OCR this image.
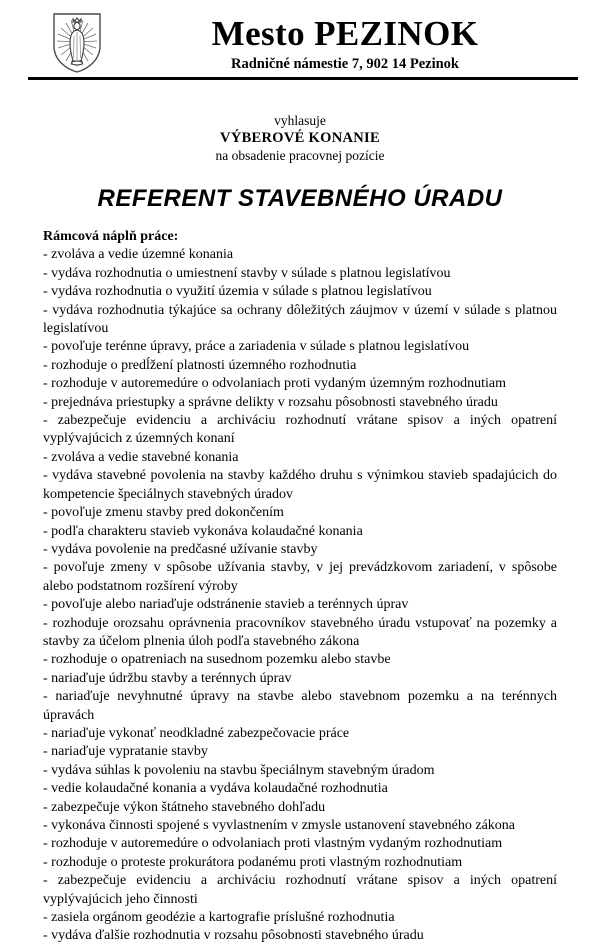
Mesto PEZINOK
Radničné námestie 7, 902 14 Pezinok
vyhlasuje
VÝBEROVÉ KONANIE
na obsadenie pracovnej pozície
REFERENT STAVEBNÉHO ÚRADU
Rámcová náplň práce:

- zvoláva a vedie územné konania

- vydáva rozhodnutia o umiestnení stavby v súlade s platnou legislatívou

- vydáva rozhodnutia o využití územia v súlade s platnou legislatívou

- vydáva rozhodnutia týkajúce sa ochrany dôležitých záujmov v území v súlade s platnou legislatívou

- povoľuje terénne úpravy, práce a zariadenia v súlade s platnou legislatívou

- rozhoduje o predĺžení platnosti územného rozhodnutia

- rozhoduje v autoremedúre o odvolaniach proti vydaným územným rozhodnutiam

- prejednáva priestupky a správne delikty v rozsahu pôsobnosti stavebného úradu

- zabezpečuje evidenciu a archiváciu rozhodnutí vrátane spisov a iných opatrení vyplývajúcich z územných konaní

- zvoláva a vedie stavebné konania

- vydáva stavebné povolenia na stavby každého druhu s výnimkou stavieb spadajúcich do kompetencie špeciálnych stavebných úradov

- povoľuje zmenu stavby pred dokončením

- podľa charakteru stavieb vykonáva kolaudačné konania

- vydáva povolenie na predčasné užívanie stavby

- povoľuje zmeny v spôsobe užívania stavby, v jej prevádzkovom zariadení, v spôsobe alebo podstatnom rozšírení výroby

- povoľuje alebo nariaďuje odstránenie stavieb a terénnych úprav

- rozhoduje orozsahu oprávnenia pracovníkov stavebného úradu vstupovať na pozemky a stavby za účelom plnenia úloh podľa stavebného zákona

- rozhoduje o opatreniach na susednom pozemku alebo stavbe

- nariaďuje údržbu stavby a terénnych úprav

- nariaďuje nevyhnutné úpravy na stavbe alebo stavebnom pozemku a na terénnych úpravách

- nariaďuje vykonať neodkladné zabezpečovacie práce

- nariaďuje vypratanie stavby

- vydáva súhlas k povoleniu na stavbu špeciálnym stavebným úradom

- vedie kolaudačné konania a vydáva kolaudačné rozhodnutia

- zabezpečuje výkon štátneho stavebného dohľadu

- vykonáva činnosti spojené s vyvlastnením v zmysle ustanovení stavebného zákona

- rozhoduje v autoremedúre o odvolaniach proti vlastným vydaným rozhodnutiam

- rozhoduje o proteste prokurátora podanému proti vlastným rozhodnutiam

- zabezpečuje evidenciu a archiváciu rozhodnutí vrátane spisov a iných opatrení vyplývajúcich jeho činnosti

- zasiela orgánom geodézie a kartografie príslušné rozhodnutia

- vydáva ďalšie rozhodnutia v rozsahu pôsobnosti stavebného úradu
